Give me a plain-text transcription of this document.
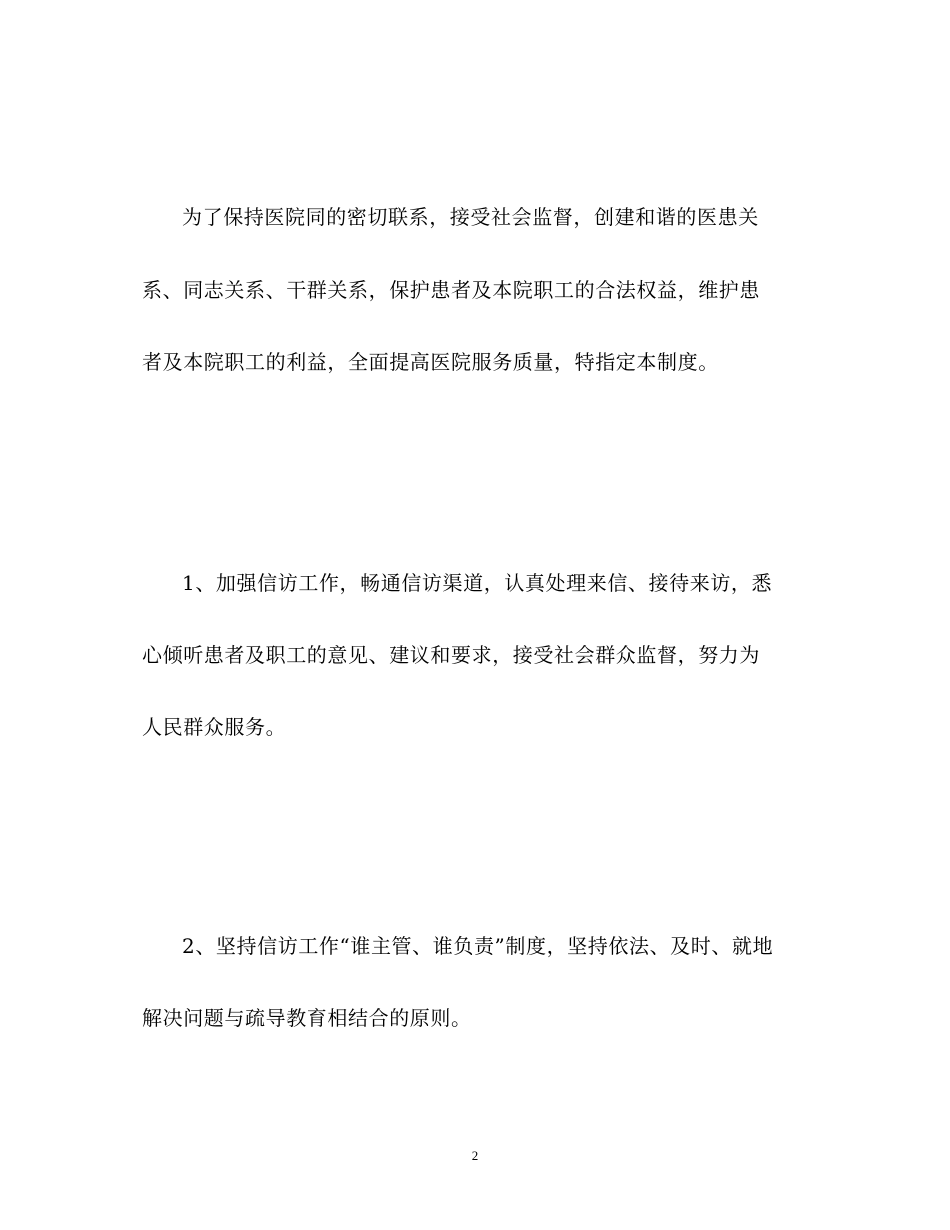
为了保持医院同的密切联系，接受社会监督，创建和谐的医患关
系、同志关系、干群关系，保护患者及本院职工的合法权益，维护患
者及本院职工的利益，全面提高医院服务质量，特指定本制度。
1、加强信访工作，畅通信访渠道，认真处理来信、接待来访，悉
心倾听患者及职工的意见、建议和要求，接受社会群众监督，努力为
人民群众服务。
2、坚持信访工作“谁主管、谁负责”制度，坚持依法、及时、就地
解决问题与疏导教育相结合的原则。
2
